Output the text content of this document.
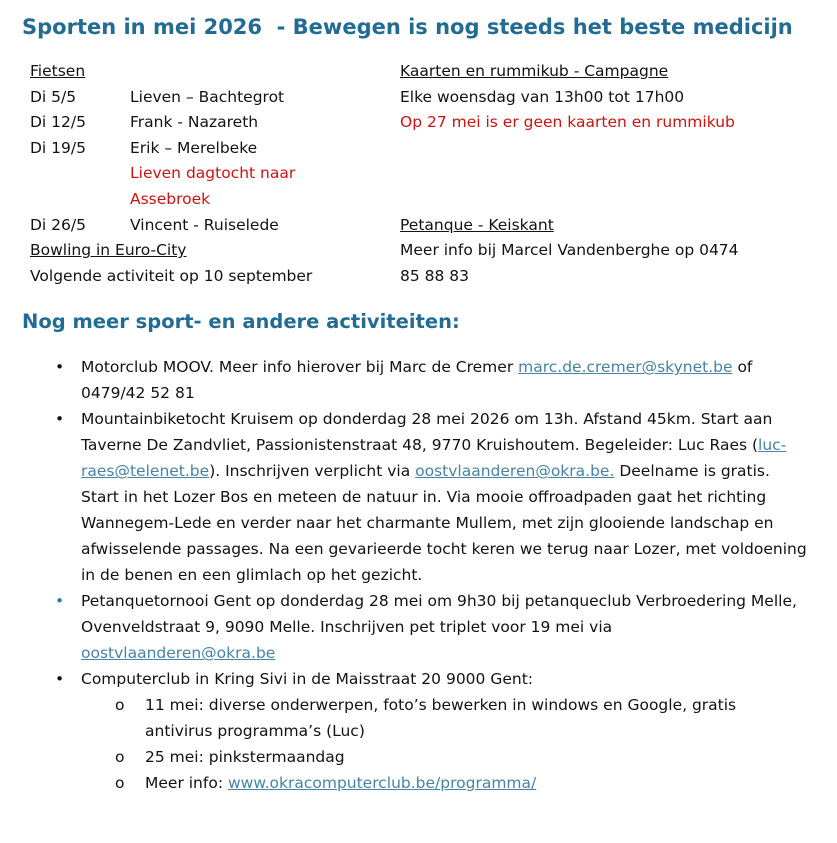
Sporten in mei 2026  - Bewegen is nog steeds het beste medicijn
Fietsen
Di 5/5	Lieven – Bachtegrot
Di 12/5	Frank - Nazareth
Di 19/5	Erik – Merelbeke
Lieven dagtocht naar
Assebroek
Di 26/5	Vincent - Ruiselede
Bowling in Euro-City
Volgende activiteit op 10 september
Kaarten en rummikub - Campagne
Elke woensdag van 13h00 tot 17h00
Op 27 mei is er geen kaarten en rummikub
Petanque - Keiskant
Meer info bij Marcel Vandenberghe op 0474
85 88 83
Nog meer sport- en andere activiteiten:
•	Motorclub MOOV. Meer info hierover bij Marc de Cremer marc.de.cremer@skynet.be of 0479/42 52 81
•	Mountainbiketocht Kruisem op donderdag 28 mei 2026 om 13h. Afstand 45km. Start aan Taverne De Zandvliet, Passionistenstraat 48, 9770 Kruishoutem. Begeleider: Luc Raes (luc-raes@telenet.be). Inschrijven verplicht via oostvlaanderen@okra.be. Deelname is gratis. Start in het Lozer Bos en meteen de natuur in. Via mooie offroadpaden gaat het richting Wannegem-Lede en verder naar het charmante Mullem, met zijn glooiende landschap en afwisselende passages. Na een gevarieerde tocht keren we terug naar Lozer, met voldoening in de benen en een glimlach op het gezicht.
•	Petanquetornooi Gent op donderdag 28 mei om 9h30 bij petanqueclub Verbroedering Melle, Ovenveldstraat 9, 9090 Melle. Inschrijven pet triplet voor 19 mei via oostvlaanderen@okra.be
•	Computerclub in Kring Sivi in de Maisstraat 20 9000 Gent:
o	11 mei: diverse onderwerpen, foto’s bewerken in windows en Google, gratis antivirus programma’s (Luc)
o	25 mei: pinkstermaandag
o	Meer info: www.okracomputerclub.be/programma/
